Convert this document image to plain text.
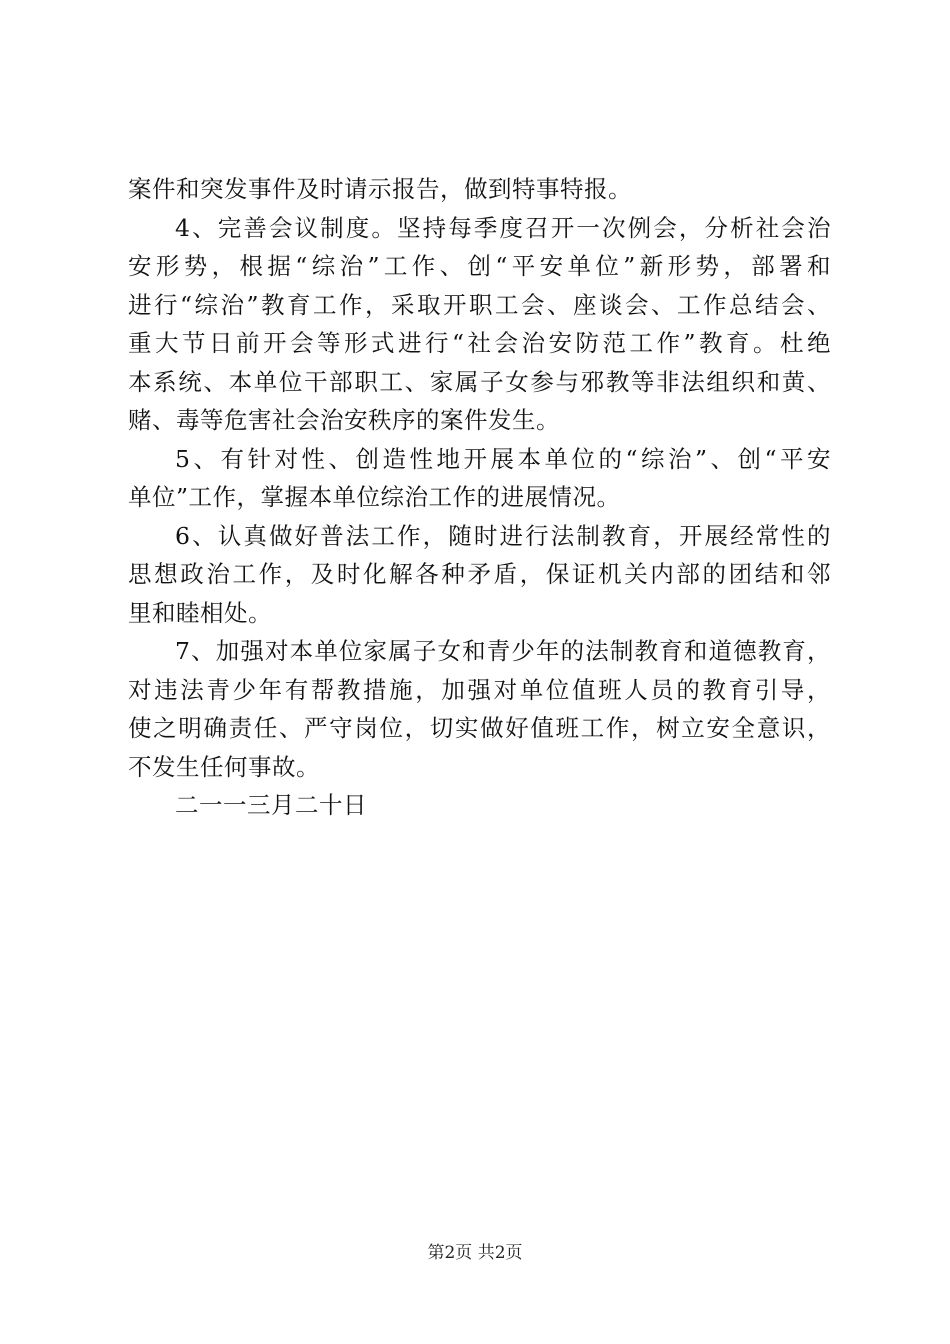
案件和突发事件及时请示报告，做到特事特报。
4、完善会议制度。坚持每季度召开一次例会，分析社会治
安形势，根据“综治”工作、创“平安单位”新形势，部署和
进行“综治”教育工作，采取开职工会、座谈会、工作总结会、
重大节日前开会等形式进行“社会治安防范工作”教育。杜绝
本系统、本单位干部职工、家属子女参与邪教等非法组织和黄、
赌、毒等危害社会治安秩序的案件发生。
5、有针对性、创造性地开展本单位的“综治”、创“平安
单位”工作，掌握本单位综治工作的进展情况。
6、认真做好普法工作，随时进行法制教育，开展经常性的
思想政治工作，及时化解各种矛盾，保证机关内部的团结和邻
里和睦相处。
7、加强对本单位家属子女和青少年的法制教育和道德教育，
对违法青少年有帮教措施，加强对单位值班人员的教育引导，
使之明确责任、严守岗位，切实做好值班工作，树立安全意识，
不发生任何事故。
二一一三月二十日
第2页 共2页
